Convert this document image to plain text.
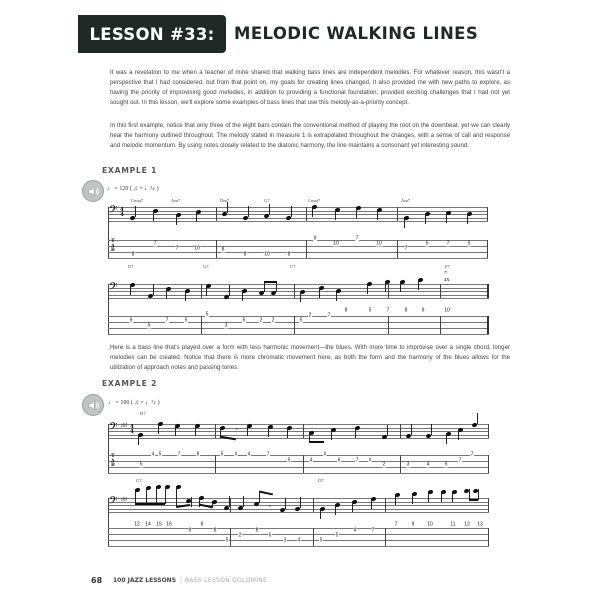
LESSON #33: MELODIC WALKING LINES
It was a revelation to me when a teacher of mine shared that walking bass lines are independent melodies. For whatever reason, this wasn't a perspective that I had considered, but from that point on, my goals for creating lines changed. It also provided me with new paths to explore, as having the priority of improvising good melodies, in addition to providing a functional foundation, provided exciting challenges that I had not yet sought out. In this lesson, we'll explore some examples of bass lines that use this melody-as-a-priority concept.
In this first example, notice that only three of the eight bars contain the conventional method of playing the root on the downbeat, yet we can clearly hear the harmony outlined throughout. The melody stated in measure 1 is extrapolated throughout the changes, with a sense of call and response and melodic momentum. By using notes closely related to the diatonic harmony, the line maintains a consonant yet interesting sound.
EXAMPLE 1
♩ = 120 ( ♫ = ♩³♪ )
Cmaj7	Am7	Dm7	G7	Cmaj7	Am7
𝄢 4
4
T
A
B
8
7
7	10	8
8	10	8
9
10
7
10
7
5	7	5
D7	G7	C7	F7
𝄐
4X
𝄢
9
5
7	5
5
3
5	2 2	5
2	7
8	5	7	8	9	10
Here is a bass line that's played over a form with less harmonic movement—the blues. With more time to improvise over a single chord, longer melodies can be created. Notice that there is more chromatic movement here, as both the form and the harmony of the blues allows for the utilization of approach notes and passing tones.
EXAMPLE 2
♩ = 100 ( ♫ = ♩³♪ )
D7
𝄢 ♯♯ 4
4	×
T
A
B	5
4 5	7	8	5 X 4	7
5	4
X
6	7 X
2	3	4	5
7
7
G7	D7
𝄢 ♯♯
×
12 14 15 16
9
8
8
5
2
8
6
3 4	5
5
4	7
7	9	10	11 12 13
68 100 JAZZ LESSONS | BASS LESSON GOLDMINE
